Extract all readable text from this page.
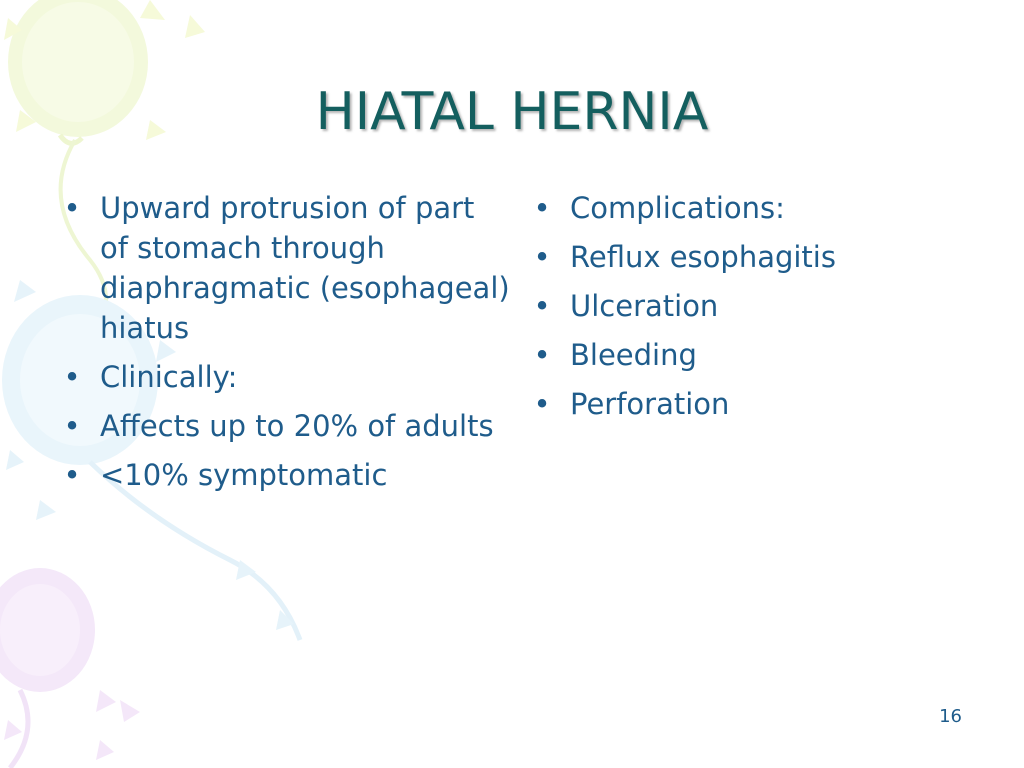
HIATAL HERNIA
• Upward protrusion of part of stomach through diaphragmatic (esophageal) hiatus
• Clinically:
• Affects up to 20% of adults
• <10% symptomatic
• Complications:
• Reflux esophagitis
• Ulceration
• Bleeding
• Perforation
16
